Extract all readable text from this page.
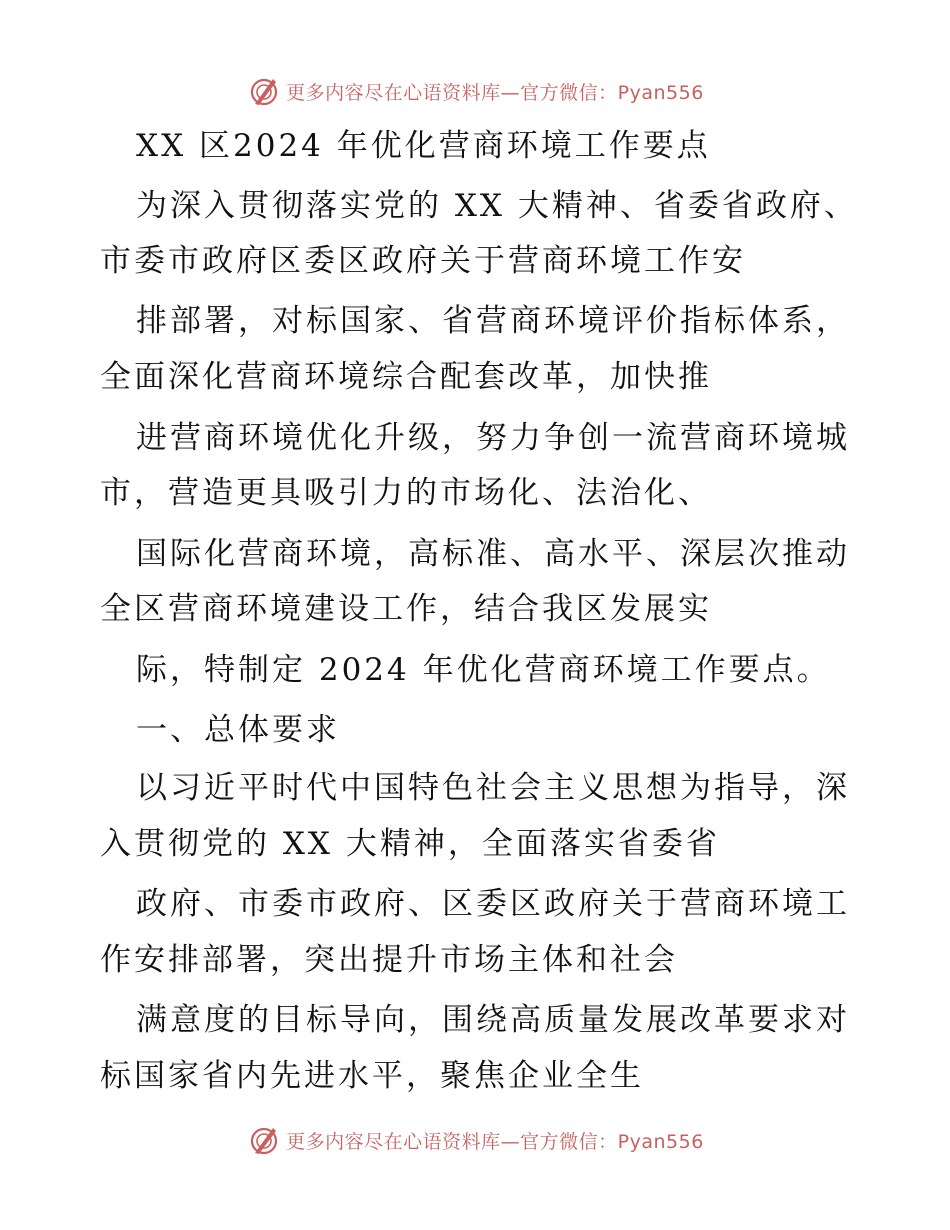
更多内容尽在心语资料库—官方微信：Pyan556
XX 区2024 年优化营商环境工作要点
为深入贯彻落实党的 XX 大精神、省委省政府、
市委市政府区委区政府关于营商环境工作安
排部署，对标国家、省营商环境评价指标体系，
全面深化营商环境综合配套改革，加快推
进营商环境优化升级，努力争创一流营商环境城
市，营造更具吸引力的市场化、法治化、
国际化营商环境，高标准、高水平、深层次推动
全区营商环境建设工作，结合我区发展实
际，特制定 2024 年优化营商环境工作要点。
一、总体要求
以习近平时代中国特色社会主义思想为指导，深
入贯彻党的 XX 大精神，全面落实省委省
政府、市委市政府、区委区政府关于营商环境工
作安排部署，突出提升市场主体和社会
满意度的目标导向，围绕高质量发展改革要求对
标国家省内先进水平，聚焦企业全生
更多内容尽在心语资料库—官方微信：Pyan556
